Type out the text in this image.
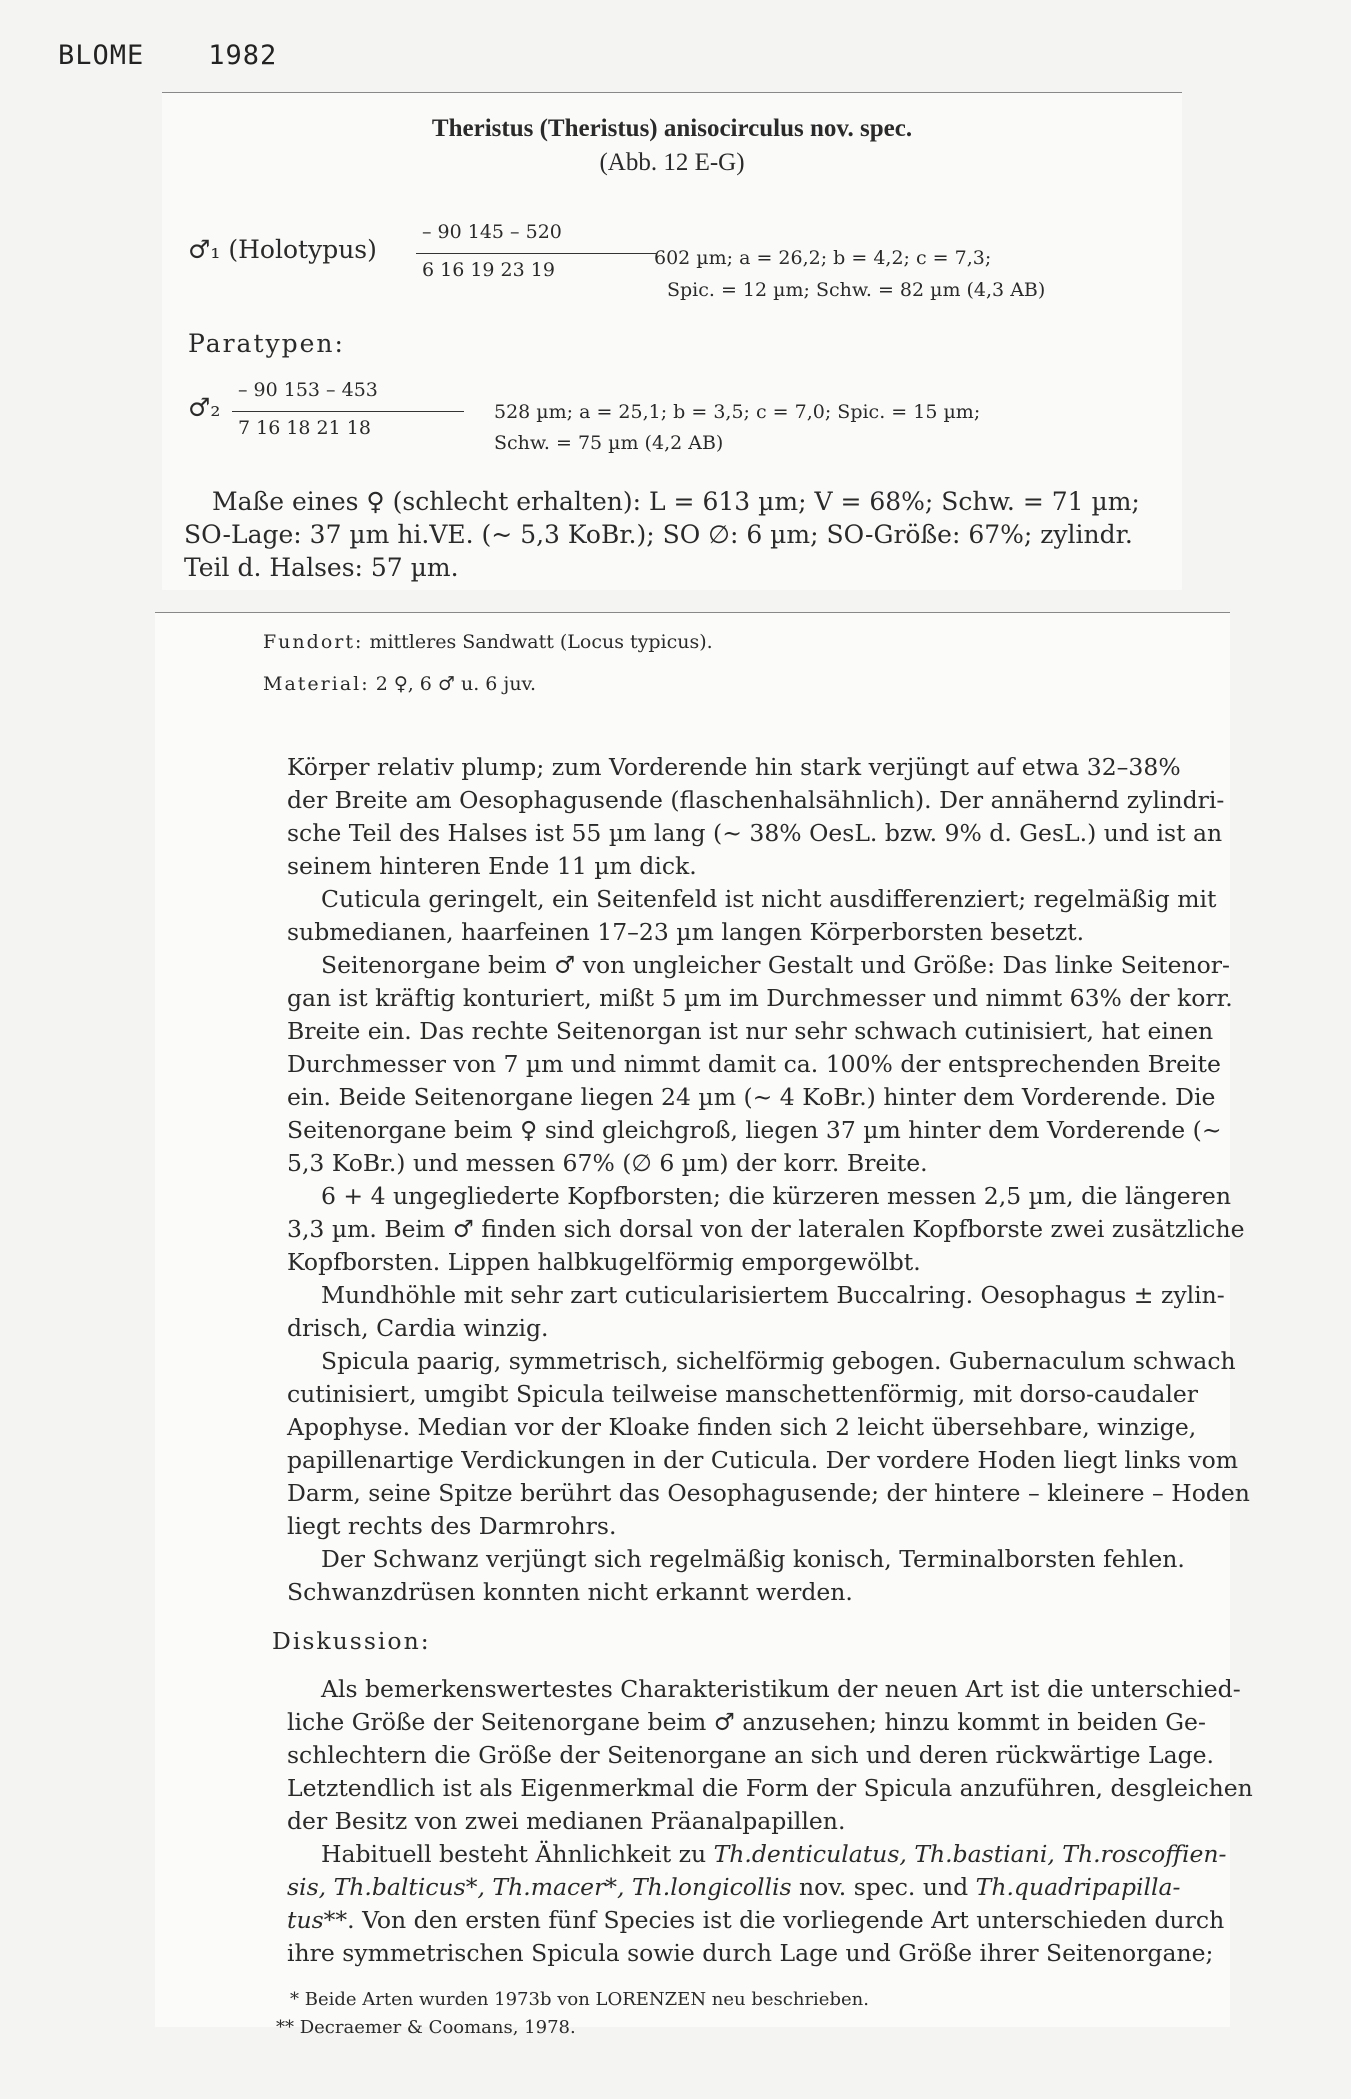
BLOME 1982
Theristus (Theristus) anisocirculus nov. spec.
(Abb. 12 E-G)
♂₁ (Holotypus)
– 90 145 – 520
6 16 19 23 19
602 µm; a = 26,2; b = 4,2; c = 7,3;
Spic. = 12 µm; Schw. = 82 µm (4,3 AB)
Paratypen:
♂₂
– 90 153 – 453
7 16 18 21 18
528 µm; a = 25,1; b = 3,5; c = 7,0; Spic. = 15 µm;
Schw. = 75 µm (4,2 AB)
Maße eines ♀ (schlecht erhalten): L = 613 µm; V = 68%; Schw. = 71 µm;
SO-Lage: 37 µm hi.VE. (~ 5,3 KoBr.); SO ∅: 6 µm; SO-Größe: 67%; zylindr.
Teil d. Halses: 57 µm.
Fundort: mittleres Sandwatt (Locus typicus).
Material: 2 ♀, 6 ♂ u. 6 juv.
Körper relativ plump; zum Vorderende hin stark verjüngt auf etwa 32–38%
der Breite am Oesophagusende (flaschenhalsähnlich). Der annähernd zylindri-
sche Teil des Halses ist 55 µm lang (~ 38% OesL. bzw. 9% d. GesL.) und ist an
seinem hinteren Ende 11 µm dick.
Cuticula geringelt, ein Seitenfeld ist nicht ausdifferenziert; regelmäßig mit
submedianen, haarfeinen 17–23 µm langen Körperborsten besetzt.
Seitenorgane beim ♂ von ungleicher Gestalt und Größe: Das linke Seitenor-
gan ist kräftig konturiert, mißt 5 µm im Durchmesser und nimmt 63% der korr.
Breite ein. Das rechte Seitenorgan ist nur sehr schwach cutinisiert, hat einen
Durchmesser von 7 µm und nimmt damit ca. 100% der entsprechenden Breite
ein. Beide Seitenorgane liegen 24 µm (~ 4 KoBr.) hinter dem Vorderende. Die
Seitenorgane beim ♀ sind gleichgroß, liegen 37 µm hinter dem Vorderende (~
5,3 KoBr.) und messen 67% (∅ 6 µm) der korr. Breite.
6 + 4 ungegliederte Kopfborsten; die kürzeren messen 2,5 µm, die längeren
3,3 µm. Beim ♂ finden sich dorsal von der lateralen Kopfborste zwei zusätzliche
Kopfborsten. Lippen halbkugelförmig emporgewölbt.
Mundhöhle mit sehr zart cuticularisiertem Buccalring. Oesophagus ± zylin-
drisch, Cardia winzig.
Spicula paarig, symmetrisch, sichelförmig gebogen. Gubernaculum schwach
cutinisiert, umgibt Spicula teilweise manschettenförmig, mit dorso-caudaler
Apophyse. Median vor der Kloake finden sich 2 leicht übersehbare, winzige,
papillenartige Verdickungen in der Cuticula. Der vordere Hoden liegt links vom
Darm, seine Spitze berührt das Oesophagusende; der hintere – kleinere – Hoden
liegt rechts des Darmrohrs.
Der Schwanz verjüngt sich regelmäßig konisch, Terminalborsten fehlen.
Schwanzdrüsen konnten nicht erkannt werden.
Diskussion:
Als bemerkenswertestes Charakteristikum der neuen Art ist die unterschied-
liche Größe der Seitenorgane beim ♂ anzusehen; hinzu kommt in beiden Ge-
schlechtern die Größe der Seitenorgane an sich und deren rückwärtige Lage.
Letztendlich ist als Eigenmerkmal die Form der Spicula anzuführen, desgleichen
der Besitz von zwei medianen Präanalpapillen.
Habituell besteht Ähnlichkeit zu Th.denticulatus, Th.bastiani, Th.roscoffien-
sis, Th.balticus*, Th.macer*, Th.longicollis nov. spec. und Th.quadripapilla-
tus**. Von den ersten fünf Species ist die vorliegende Art unterschieden durch
ihre symmetrischen Spicula sowie durch Lage und Größe ihrer Seitenorgane;
* Beide Arten wurden 1973b von LORENZEN neu beschrieben.
** Decraemer & Coomans, 1978.
